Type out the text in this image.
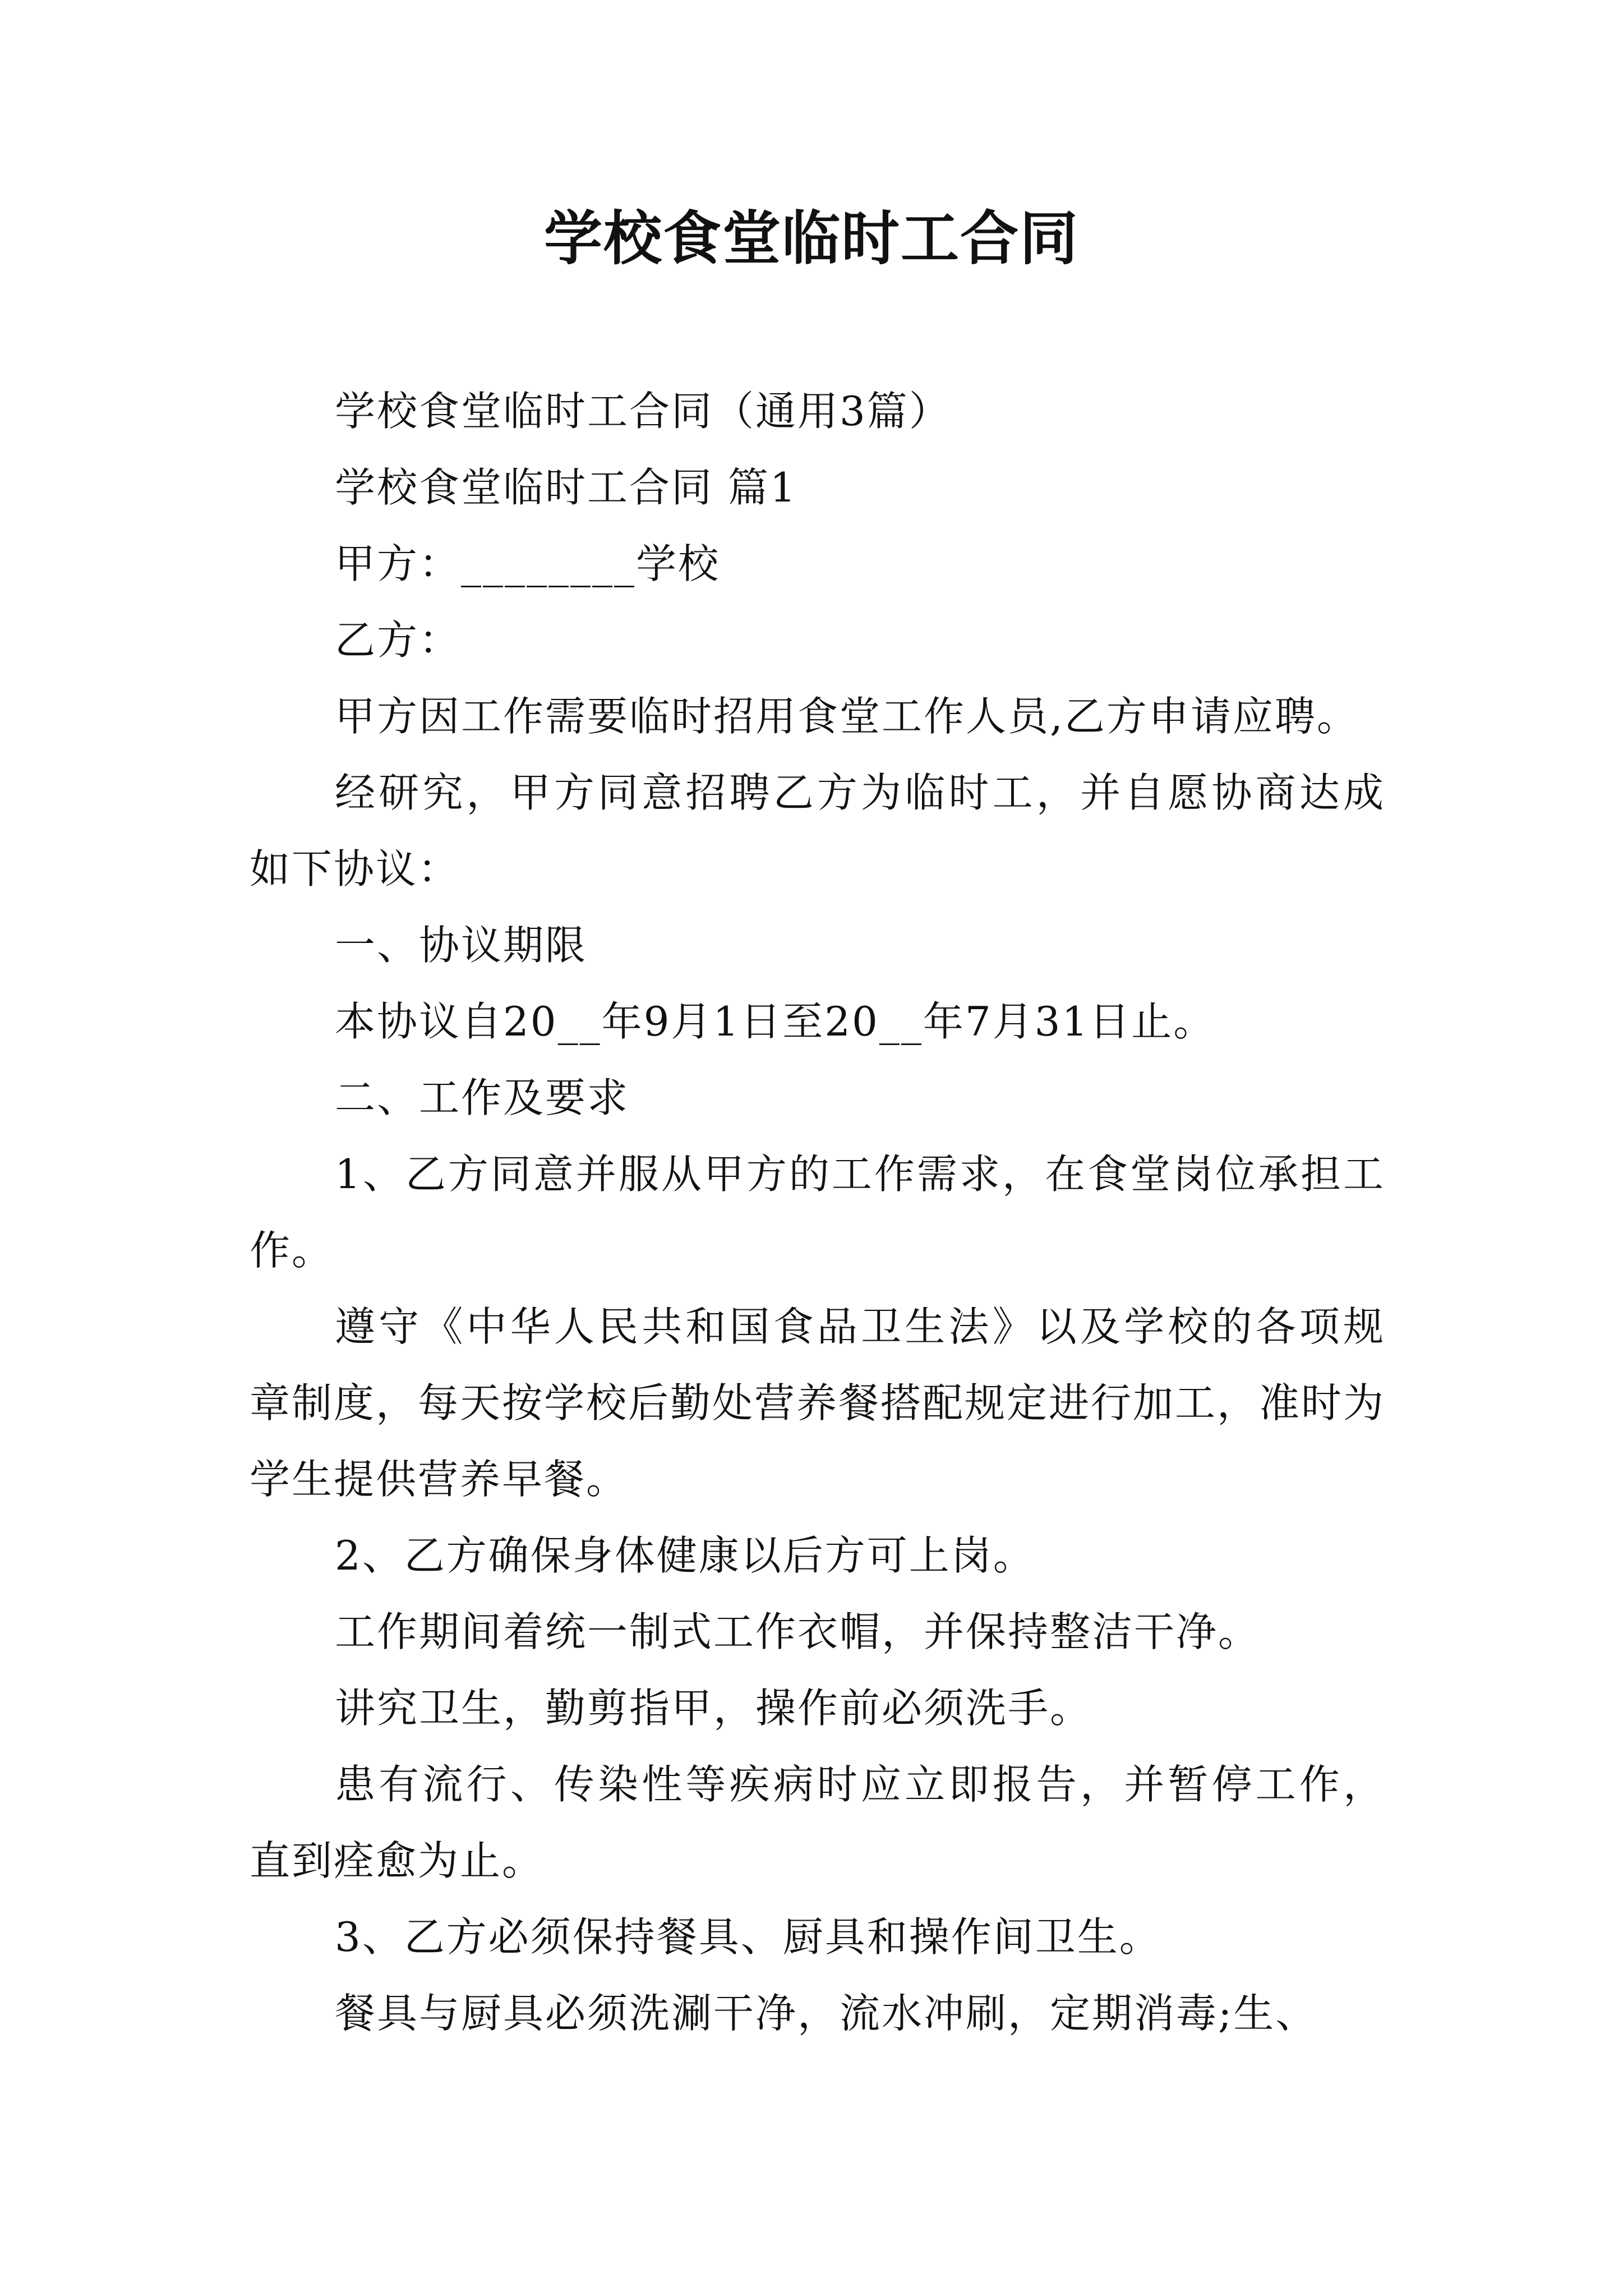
学校食堂临时工合同

学校食堂临时工合同（通用3篇）

学校食堂临时工合同 篇1

甲方：________学校

乙方：

甲方因工作需要临时招用食堂工作人员,乙方申请应聘。

经研究，甲方同意招聘乙方为临时工，并自愿协商达成如下协议：

一、协议期限

本协议自20__年9月1日至20__年7月31日止。

二、工作及要求

1、乙方同意并服从甲方的工作需求，在食堂岗位承担工作。

遵守《中华人民共和国食品卫生法》以及学校的各项规章制度，每天按学校后勤处营养餐搭配规定进行加工，准时为学生提供营养早餐。

2、乙方确保身体健康以后方可上岗。

工作期间着统一制式工作衣帽，并保持整洁干净。

讲究卫生，勤剪指甲，操作前必须洗手。

患有流行、传染性等疾病时应立即报告，并暂停工作，直到痊愈为止。

3、乙方必须保持餐具、厨具和操作间卫生。

餐具与厨具必须洗涮干净，流水冲刷，定期消毒;生、
